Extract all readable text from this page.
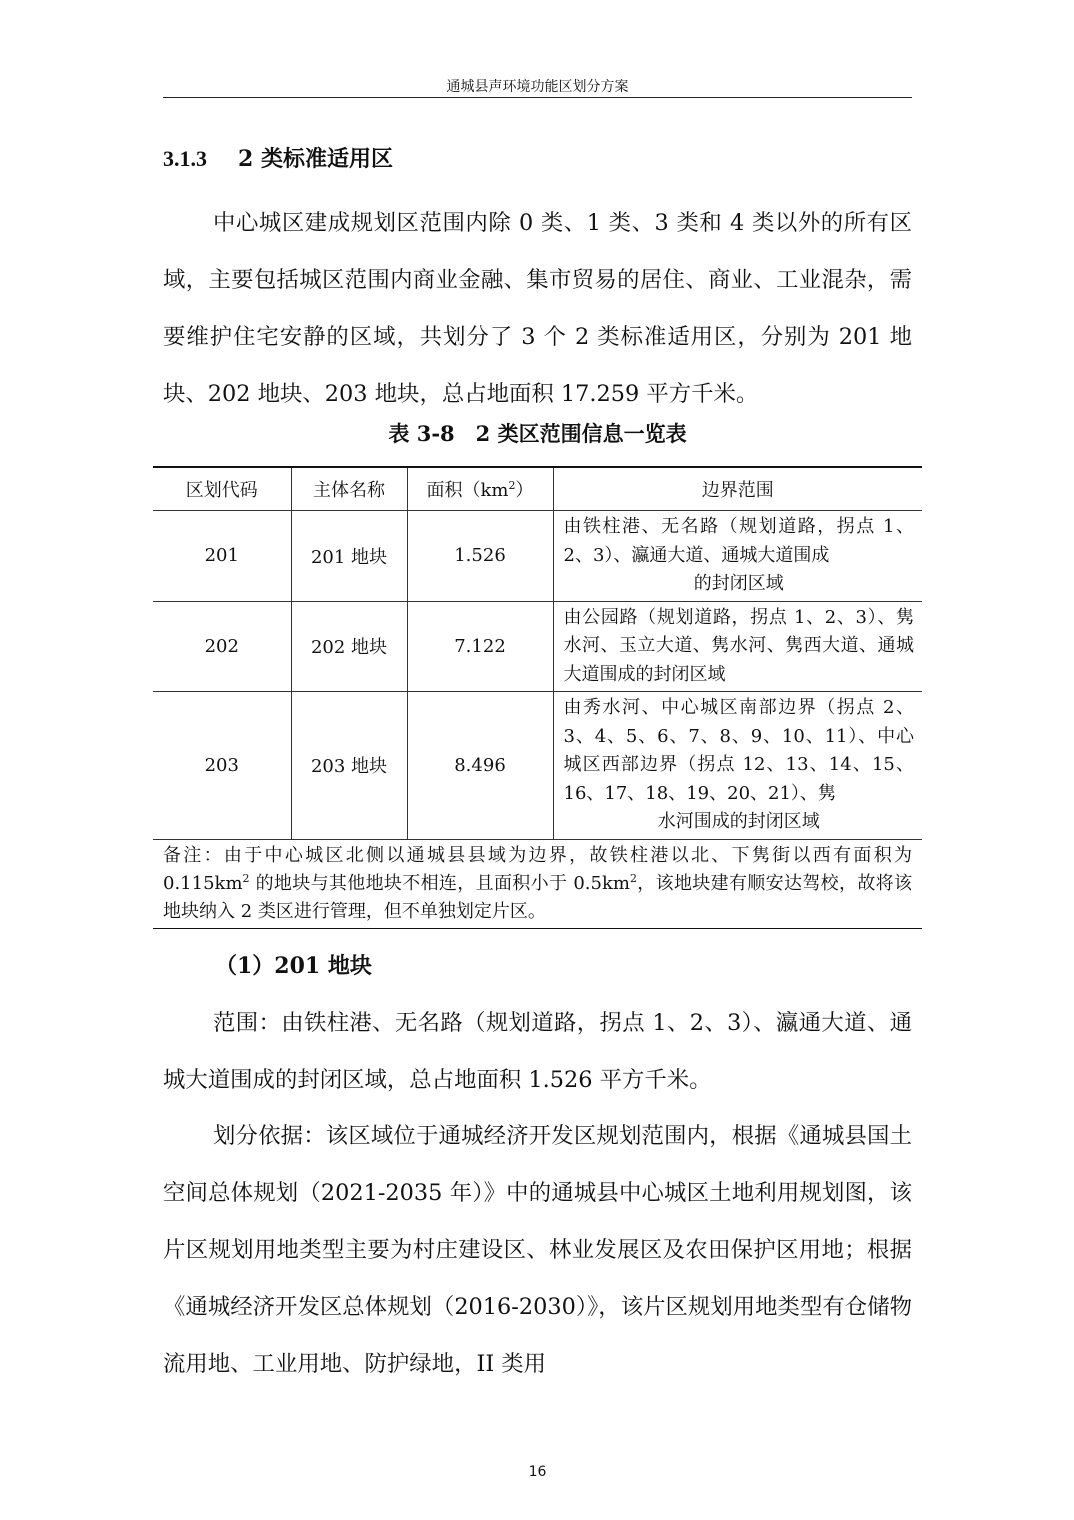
通城县声环境功能区划分方案
3.1.3 2 类标准适用区

中心城区建成规划区范围内除 0 类、1 类、3 类和 4 类以外的所有区域，主要包括城区范围内商业金融、集市贸易的居住、商业、工业混杂，需要维护住宅安静的区域，共划分了 3 个 2 类标准适用区，分别为 201 地块、202 地块、203 地块，总占地面积 17.259 平方千米。

表 3-8　2 类区范围信息一览表
区划代码	主体名称	面积$(km^2)$	边界范围
201	201 地块	1.526	由铁柱港、无名路（规划道路，拐点 1、2、3）、瀛通大道、通城大道围成
的封闭区域

202	202 地块	7.122	由公园路（规划道路，拐点 1、2、3）、隽水河、玉立大道、隽水河、隽西大道、通城大道围成的封闭区域

203	203 地块	8.496	由秀水河、中心城区南部边界（拐点 2、3、4、5、6、7、8、9、10、11）、中心城区西部边界（拐点 12、13、14、15、16、17、18、19、20、21）、隽
水河围成的封闭区域

备注：由于中心城区北侧以通城县县域为边界，故铁柱港以北、下隽街以西有面积为 $0.115km^2$ 的地块与其他地块不相连，且面积小于 $0.5km^2$，该地块建有顺安达驾校，故将该地块纳入 2 类区进行管理，但不单独划定片区。			
（1）201 地块

范围：由铁柱港、无名路（规划道路，拐点 1、2、3）、瀛通大道、通城大道围成的封闭区域，总占地面积 1.526 平方千米。

划分依据：该区域位于通城经济开发区规划范围内，根据《通城县国土空间总体规划（2021-2035 年）》中的通城县中心城区土地利用规划图，该片区规划用地类型主要为村庄建设区、林业发展区及农田保护区用地；根据《通城经济开发区总体规划（2016-2030）》，该片区规划用地类型有仓储物流用地、工业用地、防护绿地，II 类用

16
